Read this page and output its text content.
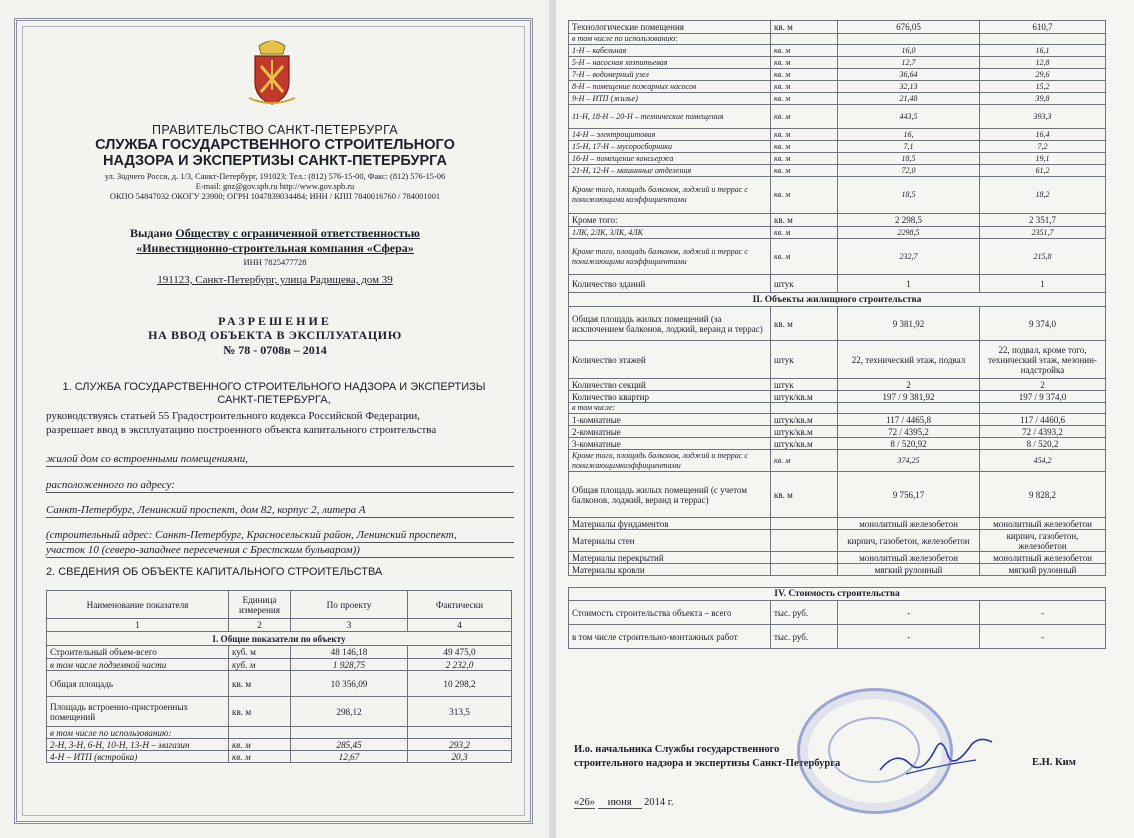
ПРАВИТЕЛЬСТВО САНКТ-ПЕТЕРБУРГА
СЛУЖБА ГОСУДАРСТВЕННОГО СТРОИТЕЛЬНОГО
НАДЗОРА И ЭКСПЕРТИЗЫ САНКТ-ПЕТЕРБУРГА
ул. Зодчего Росси, д. 1/3, Санкт-Петербург, 191023; Тел.: (812) 576-15-00, Факс: (812) 576-15-06
E-mail: gnz@gov.spb.ru http://www.gov.spb.ru
ОКПО 54847032 ОКОГУ 23900; ОГРН 1047839034484; ИНН / КПП 7840016760 / 784001001
Выдано Обществу с ограниченной ответственностью
«Инвестиционно-строительная компания «Сфера»
ИНН 7825477728
191123, Санкт-Петербург, улица Радищева, дом 39
РАЗРЕШЕНИЕ
НА ВВОД ОБЪЕКТА В ЭКСПЛУАТАЦИЮ
№ 78 - 0708в – 2014
1. СЛУЖБА ГОСУДАРСТВЕННОГО СТРОИТЕЛЬНОГО НАДЗОРА И ЭКСПЕРТИЗЫ
САНКТ-ПЕТЕРБУРГА,
руководствуясь статьей 55 Градостроительного кодекса Российской Федерации,
разрешает ввод в эксплуатацию построенного объекта капитального строительства
жилой дом со встроенными помещениями,
расположенного по адресу:
Санкт-Петербург, Ленинский проспект, дом 82, корпус 2, литера А
(строительный адрес: Санкт-Петербург, Красносельский район, Ленинский проспект,
участок 10 (северо-западнее пересечения с Брестским бульваром))
2. СВЕДЕНИЯ ОБ ОБЪЕКТЕ КАПИТАЛЬНОГО СТРОИТЕЛЬСТВА
Наименование показателя	Единица измерения	По проекту	Фактически
1	2	3	4
I. Общие показатели по объекту			
Строительный объем-всего	куб. м	48 146,18	49 475,0
в том числе подземной части	куб. м	1 928,75	2 232,0
Общая площадь	кв. м	10 356,09	10 298,2
Площадь встроенно-пристроенных помещений	кв. м	298,12	313,5
в том числе по использованию:			
2-Н, 3-Н, 6-Н, 10-Н, 13-Н – магазин	кв. м	285,45	293,2
4-Н – ИТП (встройка)	кв. м	12,67	20,3
Технологические помещения	кв. м	676,05	610,7
в том числе по использованию:			
1-Н – кабельная	кв. м	16,0	16,1
5-Н – насосная хозпитьевая	кв. м	12,7	12,8
7-Н – водомерный узел	кв. м	36,64	29,6
8-Н – помещение пожарных насосов	кв. м	32,13	15,2
9-Н – ИТП (жилье)	кв. м	21,48	39,8
11-Н, 18-Н – 20-Н – технические помещения	кв. м	443,5	393,3
14-Н – электрощитовая	кв. м	16,	16,4
15-Н, 17-Н – мусоросборники	кв. м	7,1	7,2
16-Н – помещение консьержа	кв. м	18,5	19,1
21-Н, 12-Н – машинные отделения	кв. м	72,0	61,2
Кроме того, площадь балконов, лоджий и террас с понижающими коэффициентами	кв. м	18,5	18,2
Кроме того:	кв. м	2 298,5	2 351,7
1ЛК, 2ЛК, 3ЛК, 4ЛК	кв. м	2298,5	2351,7
Кроме того, площадь балконов, лоджий и террас с понижающими коэффициентами	кв. м	232,7	215,8
Количество зданий	штук	1	1
II. Объекты жилищного строительства			
Общая площадь жилых помещений (за исключением балконов, лоджий, веранд и террас)	кв. м	9 381,92	9 374,0
Количество этажей	штук	22, технический этаж, подвал	22, подвал, кроме того, технический этаж, мезонин-надстройка
Количество секций	штук	2	2
Количество квартир	штук/кв.м	197 / 9 381,92	197 / 9 374,0
в том числе:			
1-комнатные	штук/кв.м	117 / 4465,8	117 / 4460,6
2-комнатные	штук/кв.м	72 / 4395,2	72 / 4393,2
3-комнатные	штук/кв.м	8 / 520,92	8 / 520,2
Кроме того, площадь балконов, лоджий и террас с понижающимкоэффициентами	кв. м	374,25	454,2
Общая площадь жилых помещений (с учетом балконов, лоджий, веранд и террас)	кв. м	9 756,17	9 828,2
Материалы фундаментов		монолитный железобетон	монолитный железобетон
Материалы стен		кирпич, газобетон, железобетон	кирпич, газобетон, железобетон
Материалы перекрытий		монолитный железобетон	монолитный железобетон
Материалы кровли		мягкий рулонный	мягкий рулонный

IV. Стоимость строительства			
Стоимость строительства объекта – всего	тыс. руб.	-	-
в том числе строительно-монтажных работ	тыс. руб.	-	-
И.о. начальника Службы государственного
строительного надзора и экспертизы Санкт-Петербурга	Е.Н. Ким
«26» июня 2014 г.
